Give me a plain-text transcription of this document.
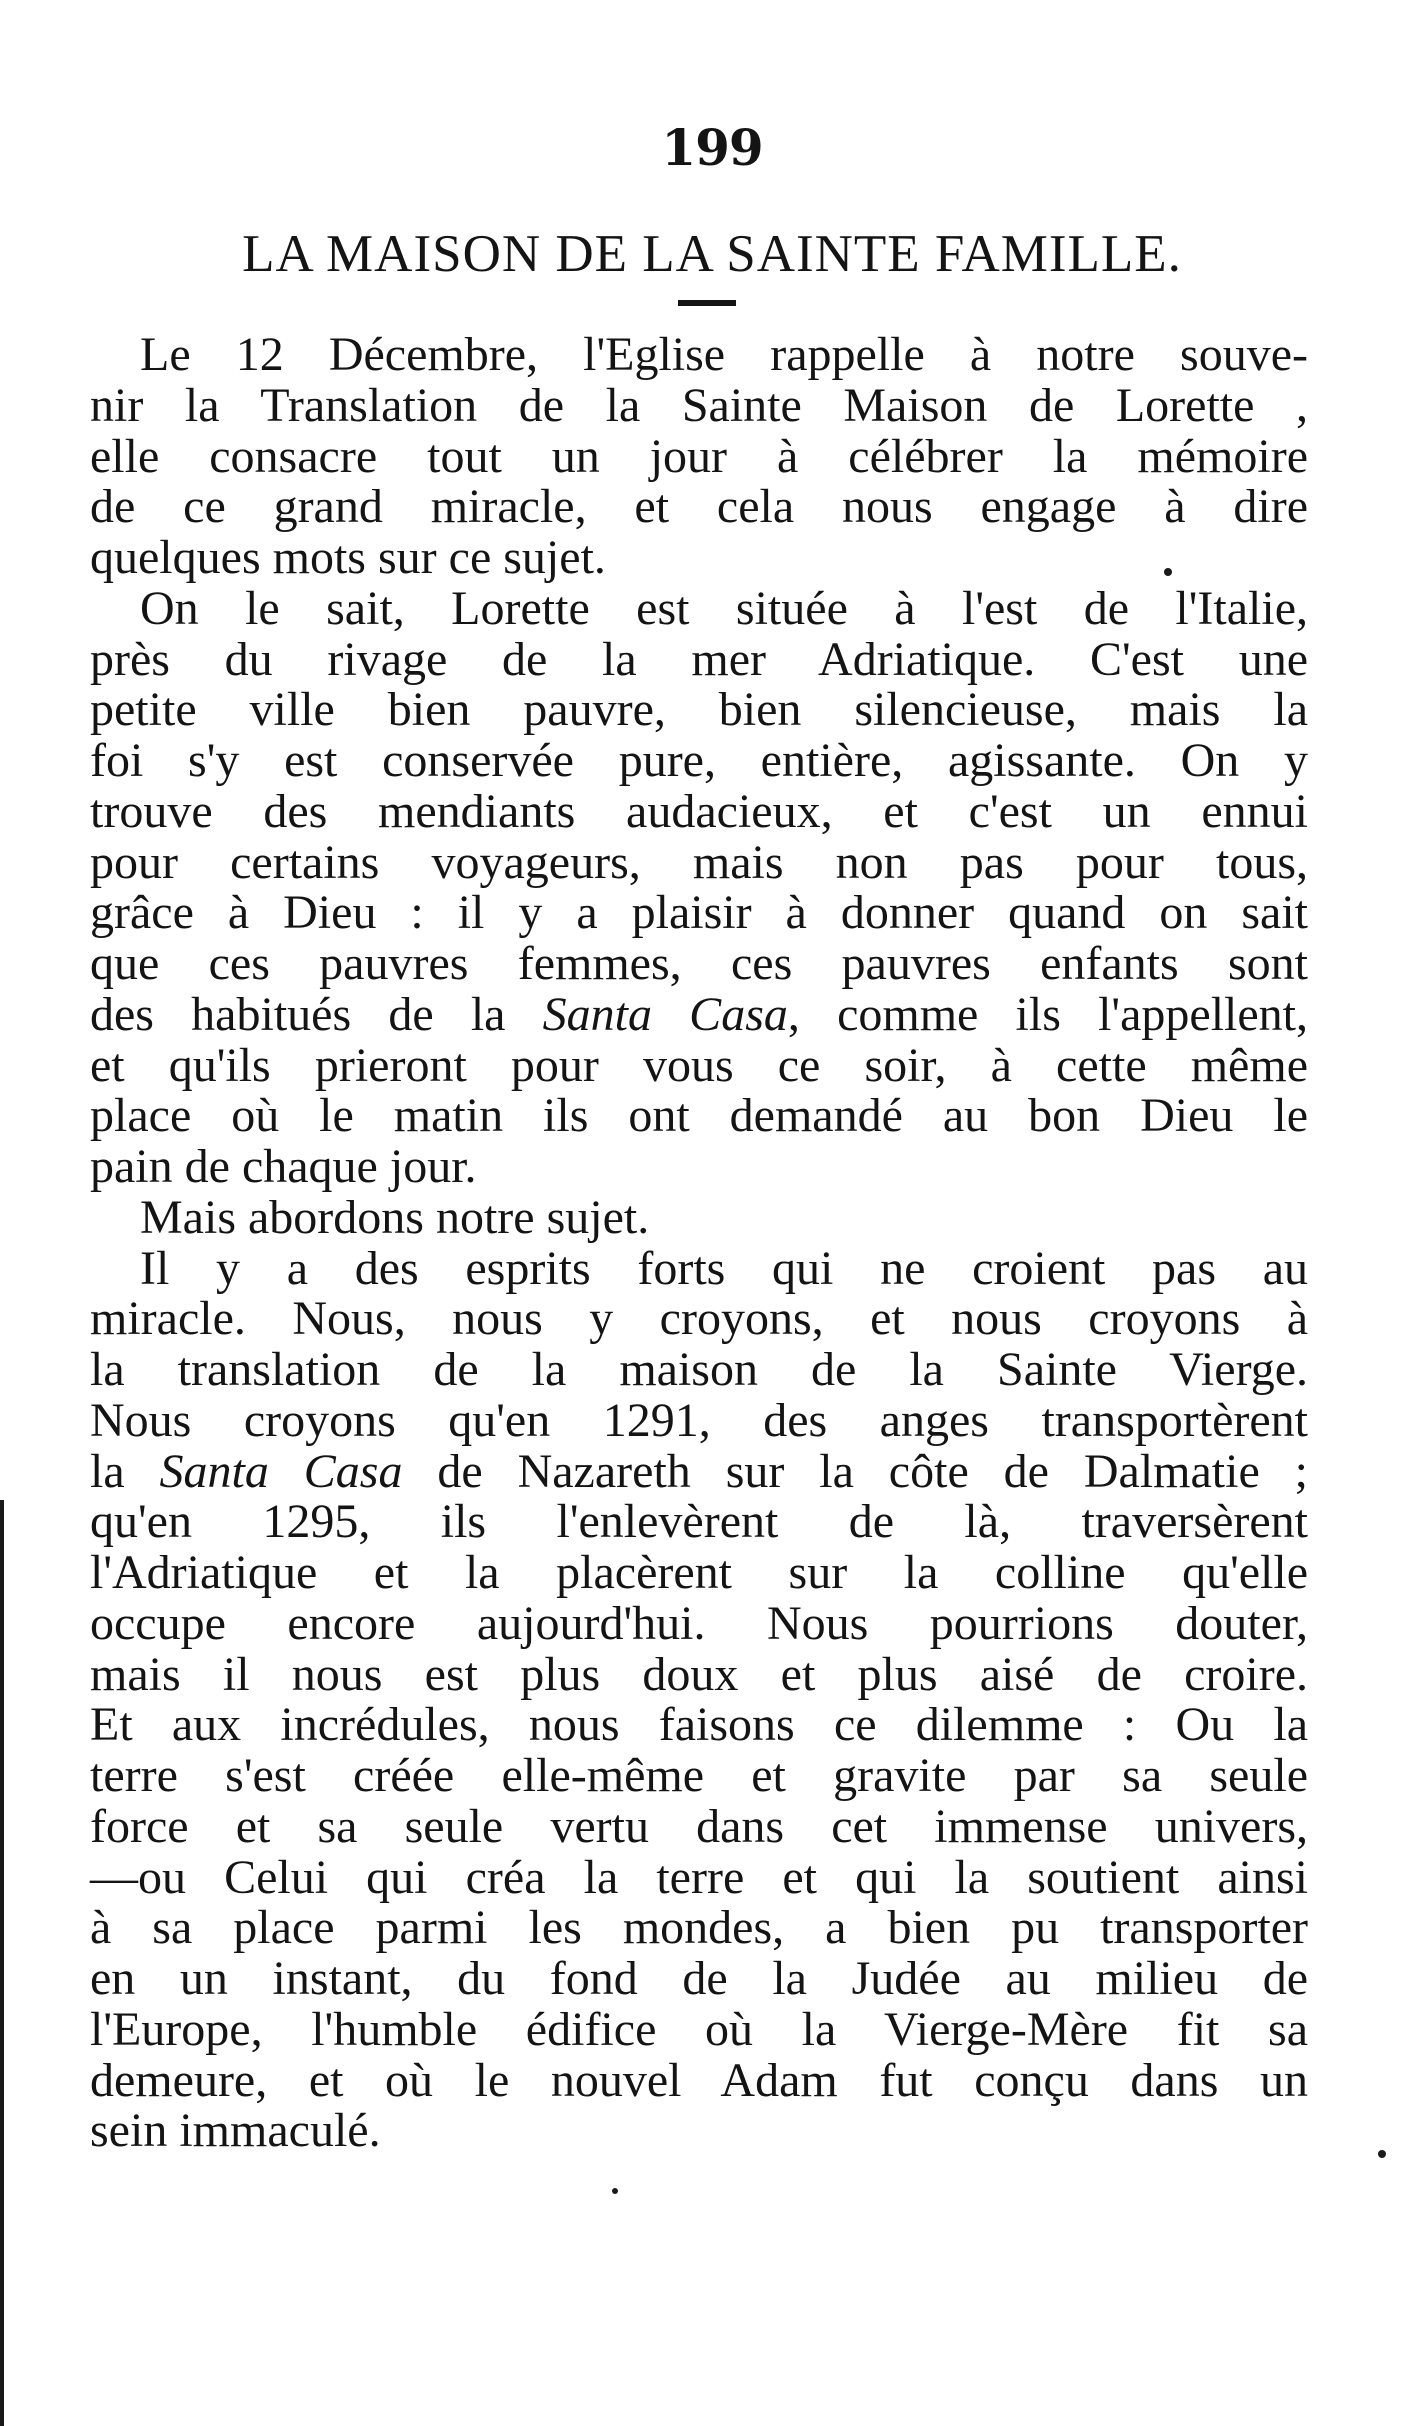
199
LA MAISON DE LA SAINTE FAMILLE.
Le 12 Décembre, l'Eglise rappelle à notre souve-
nir la Translation de la Sainte Maison de Lorette ,
elle consacre tout un jour à célébrer la mémoire
de ce grand miracle, et cela nous engage à dire
quelques mots sur ce sujet.
On le sait, Lorette est située à l'est de l'Italie,
près du rivage de la mer Adriatique. C'est une
petite ville bien pauvre, bien silencieuse, mais la
foi s'y est conservée pure, entière, agissante. On y
trouve des mendiants audacieux, et c'est un ennui
pour certains voyageurs, mais non pas pour tous,
grâce à Dieu : il y a plaisir à donner quand on sait
que ces pauvres femmes, ces pauvres enfants sont
des habitués de la Santa Casa, comme ils l'appellent,
et qu'ils prieront pour vous ce soir, à cette même
place où le matin ils ont demandé au bon Dieu le
pain de chaque jour.
Mais abordons notre sujet.
Il y a des esprits forts qui ne croient pas au
miracle. Nous, nous y croyons, et nous croyons à
la translation de la maison de la Sainte Vierge.
Nous croyons qu'en 1291, des anges transportèrent
la Santa Casa de Nazareth sur la côte de Dalmatie ;
qu'en 1295, ils l'enlevèrent de là, traversèrent
l'Adriatique et la placèrent sur la colline qu'elle
occupe encore aujourd'hui. Nous pourrions douter,
mais il nous est plus doux et plus aisé de croire.
Et aux incrédules, nous faisons ce dilemme : Ou la
terre s'est créée elle-même et gravite par sa seule
force et sa seule vertu dans cet immense univers,
—ou Celui qui créa la terre et qui la soutient ainsi
à sa place parmi les mondes, a bien pu transporter
en un instant, du fond de la Judée au milieu de
l'Europe, l'humble édifice où la Vierge-Mère fit sa
demeure, et où le nouvel Adam fut conçu dans un
sein immaculé.
